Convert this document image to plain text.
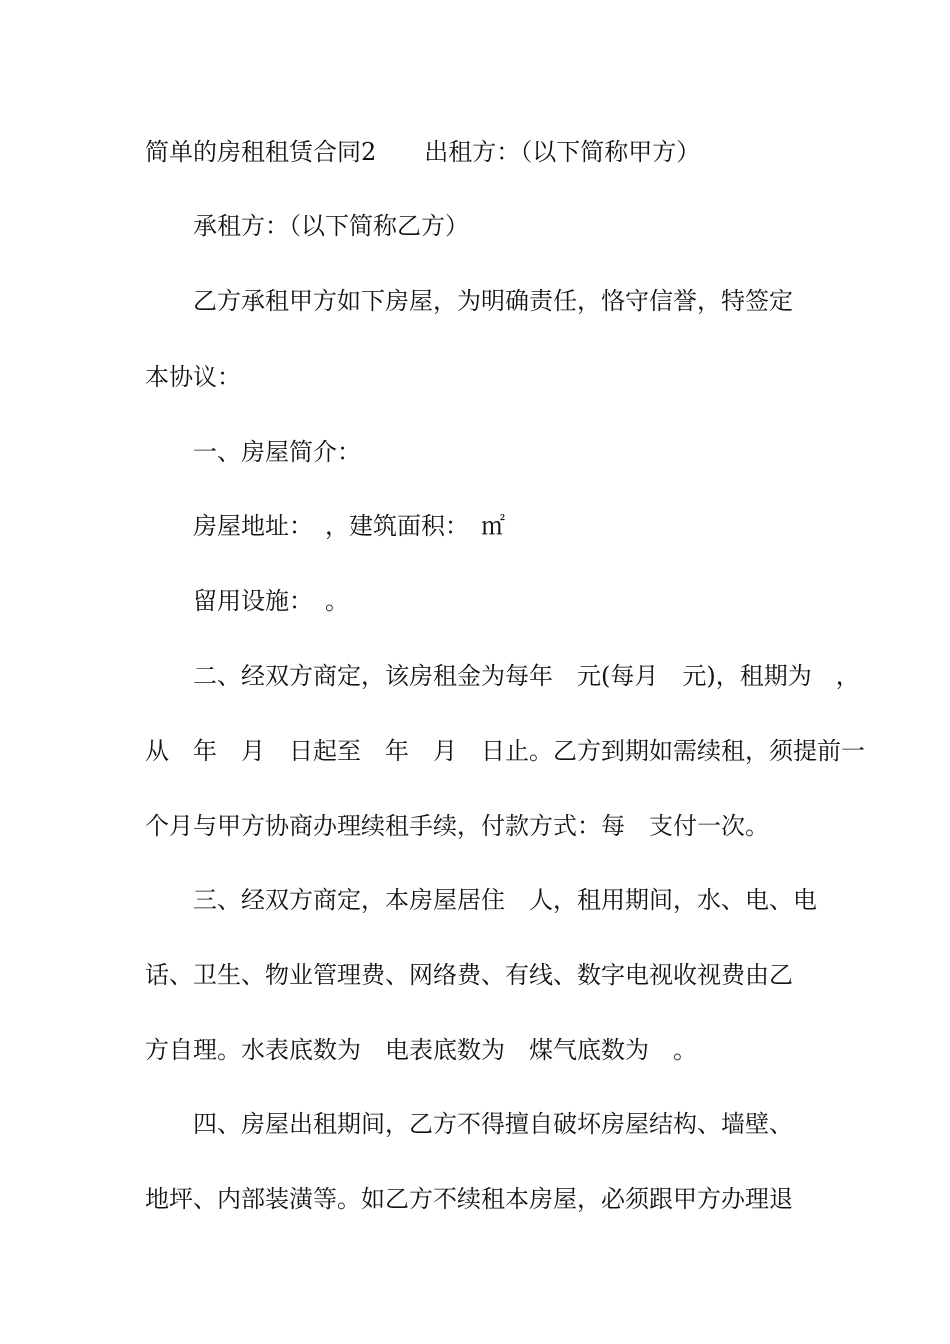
简单的房租租赁合同2　　出租方：（以下简称甲方）
承租方：（以下简称乙方）
乙方承租甲方如下房屋，为明确责任，恪守信誉，特签定
本协议：
一、房屋简介：
房屋地址：　，建筑面积：　㎡
留用设施：　。
二、经双方商定，该房租金为每年　元(每月　元)，租期为　，
从　年　月　日起至　年　月　日止。乙方到期如需续租，须提前一
个月与甲方协商办理续租手续，付款方式：每　支付一次。
三、经双方商定，本房屋居住　人，租用期间，水、电、电
话、卫生、物业管理费、网络费、有线、数字电视收视费由乙
方自理。水表底数为　电表底数为　煤气底数为　。
四、房屋出租期间，乙方不得擅自破坏房屋结构、墙壁、
地坪、内部装潢等。如乙方不续租本房屋，必须跟甲方办理退
